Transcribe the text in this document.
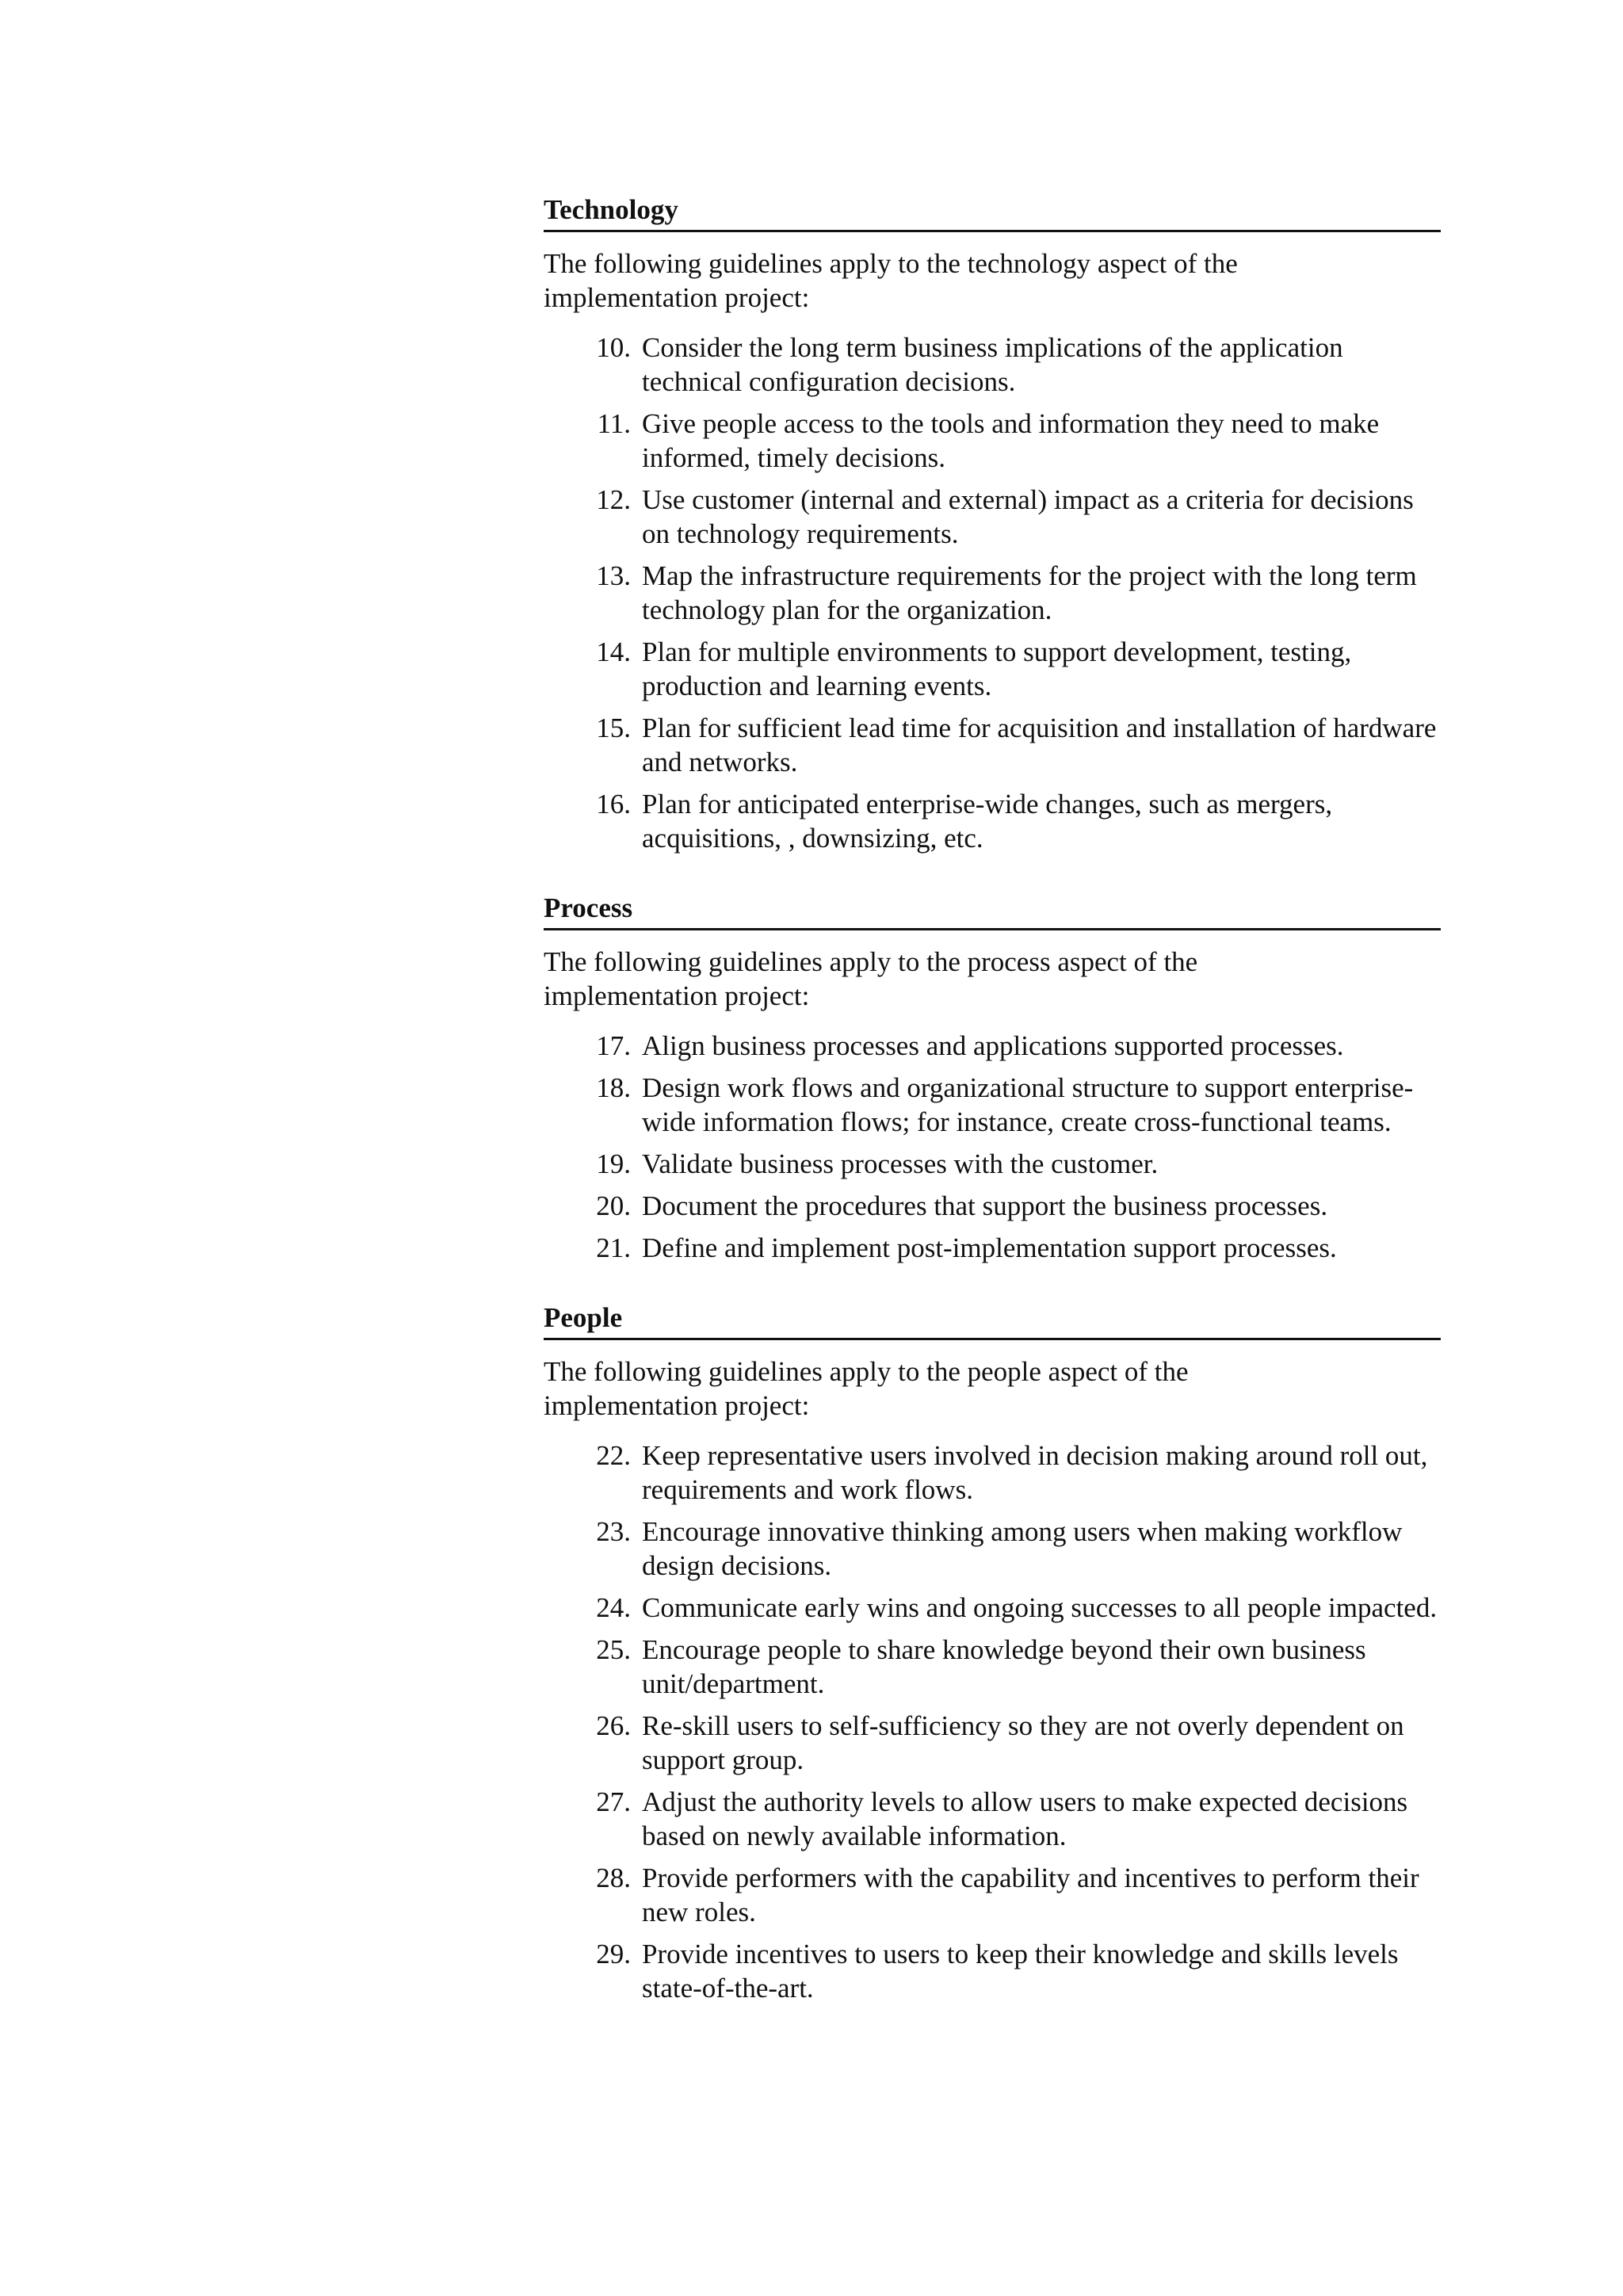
Technology

The following guidelines apply to the technology aspect of the implementation project:

10. Consider the long term business implications of the application technical configuration decisions.
11. Give people access to the tools and information they need to make informed, timely decisions.
12. Use customer (internal and external) impact as a criteria for decisions on technology requirements.
13. Map the infrastructure requirements for the project with the long term technology plan for the organization.
14. Plan for multiple environments to support development, testing, production and learning events.
15. Plan for sufficient lead time for acquisition and installation of hardware and networks.
16. Plan for anticipated enterprise-wide changes, such as mergers, acquisitions, , downsizing, etc.
Process

The following guidelines apply to the process aspect of the implementation project:

17. Align business processes and applications supported processes.
18. Design work flows and organizational structure to support enterprise-wide information flows; for instance, create cross-functional teams.
19. Validate business processes with the customer.
20. Document the procedures that support the business processes.
21. Define and implement post-implementation support processes.
People

The following guidelines apply to the people aspect of the implementation project:

22. Keep representative users involved in decision making around roll out, requirements and work flows.
23. Encourage innovative thinking among users when making workflow design decisions.
24. Communicate early wins and ongoing successes to all people impacted.
25. Encourage people to share knowledge beyond their own business unit/department.
26. Re-skill users to self-sufficiency so they are not overly dependent on support group.
27. Adjust the authority levels to allow users to make expected decisions based on newly available information.
28. Provide performers with the capability and incentives to perform their new roles.
29. Provide incentives to users to keep their knowledge and skills levels state-of-the-art.
